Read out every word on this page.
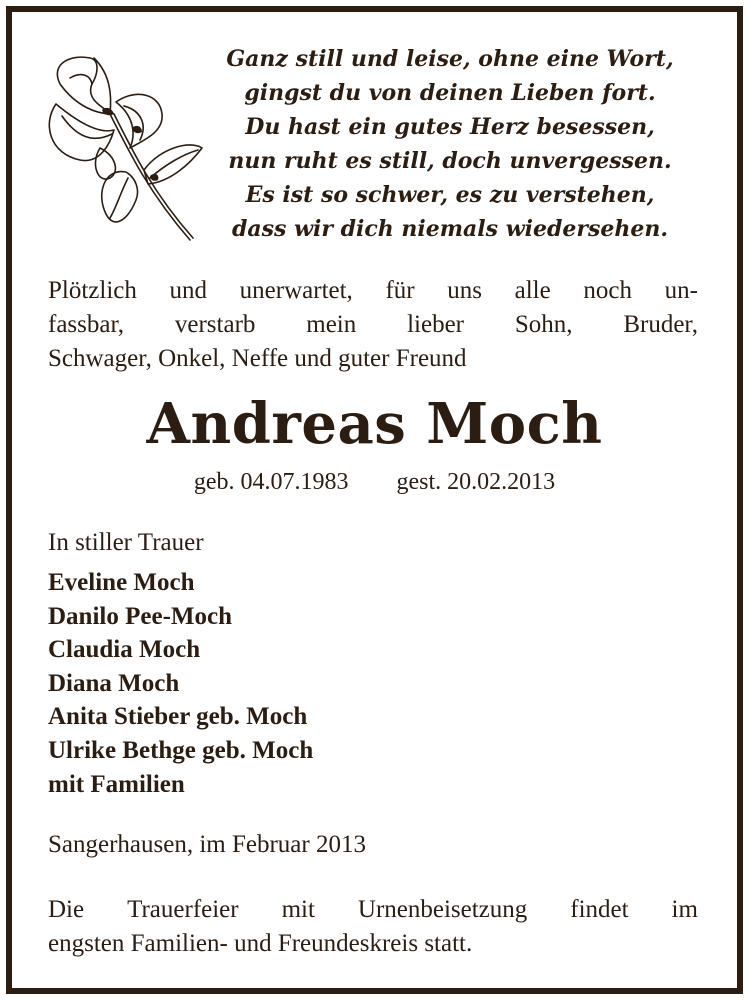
Ganz still und leise, ohne eine Wort,
gingst du von deinen Lieben fort.
Du hast ein gutes Herz besessen,
nun ruht es still, doch unvergessen.
Es ist so schwer, es zu verstehen,
dass wir dich niemals wiedersehen.
Plötzlich und unerwartet, für uns alle noch un-
fassbar, verstarb mein lieber Sohn, Bruder,
Schwager, Onkel, Neffe und guter Freund
Andreas Moch
geb. 04.07.1983 gest. 20.02.2013
In stiller Trauer
Eveline Moch
Danilo Pee-Moch
Claudia Moch
Diana Moch
Anita Stieber geb. Moch
Ulrike Bethge geb. Moch
mit Familien
Sangerhausen, im Februar 2013
Die Trauerfeier mit Urnenbeisetzung findet im
engsten Familien- und Freundeskreis statt.
